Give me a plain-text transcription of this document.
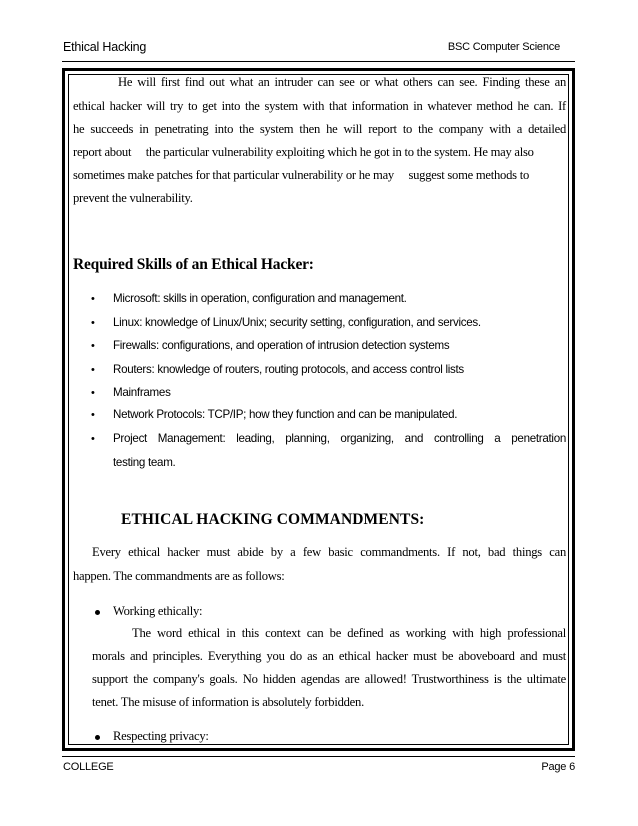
Ethical Hacking	BSC Computer Science
He will first find out what an intruder can see or what others can see. Finding these an
ethical hacker will try to get into the system with that information in whatever method he can. If
he succeeds in penetrating into the system then he will report to the company with a detailed
report about     the particular vulnerability exploiting which he got in to the system. He may also
sometimes make patches for that particular vulnerability or he may     suggest some methods to
prevent the vulnerability.
Required Skills of an Ethical Hacker:
• Microsoft: skills in operation, configuration and management.
• Linux: knowledge of Linux/Unix; security setting, configuration, and services.
• Firewalls: configurations, and operation of intrusion detection systems
• Routers: knowledge of routers, routing protocols, and access control lists
• Mainframes
• Network Protocols: TCP/IP; how they function and can be manipulated.
• Project Management: leading, planning, organizing, and controlling a penetration
testing team.
ETHICAL HACKING COMMANDMENTS:
Every ethical hacker must abide by a few basic commandments. If not, bad things can
happen. The commandments are as follows:
Working ethically:
The word ethical in this context can be defined as working with high professional
morals and principles. Everything you do as an ethical hacker must be aboveboard and must
support the company's goals. No hidden agendas are allowed! Trustworthiness is the ultimate
tenet. The misuse of information is absolutely forbidden.
Respecting privacy:
COLLEGE	Page 6
